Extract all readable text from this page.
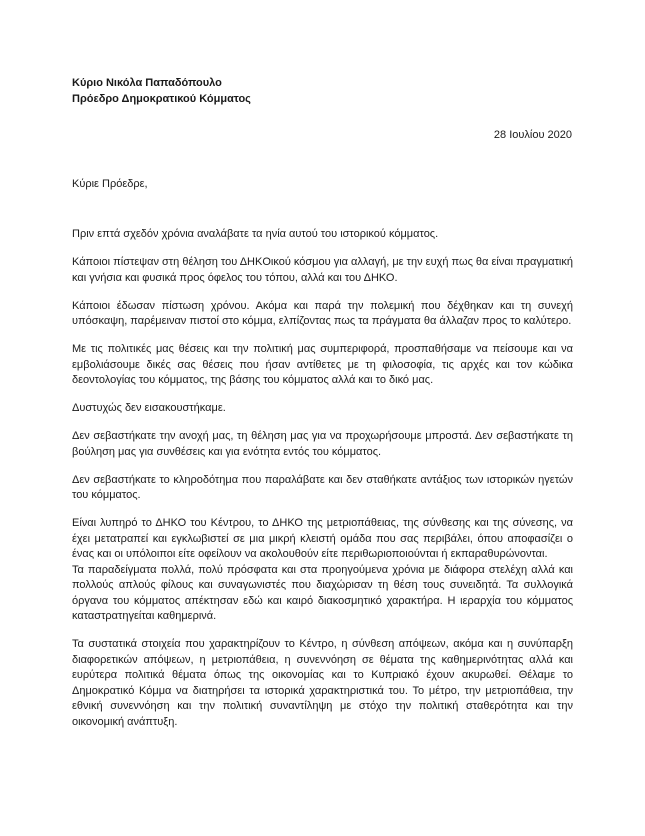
Κύριο Νικόλα Παπαδόπουλο
Πρόεδρο Δημοκρατικού Κόμματος
28 Ιουλίου 2020
Κύριε Πρόεδρε,

Πριν επτά σχεδόν χρόνια αναλάβατε τα ηνία αυτού του ιστορικού κόμματος.

Κάποιοι πίστεψαν στη θέληση του ΔΗΚOικού κόσμου για αλλαγή, με την ευχή πως θα είναι πραγματική και γνήσια και φυσικά προς όφελος του τόπου, αλλά και του ΔΗΚΟ.

Κάποιοι έδωσαν πίστωση χρόνου. Ακόμα και παρά την πολεμική που δέχθηκαν και τη συνεχή υπόσκαψη, παρέμειναν πιστοί στο κόμμα, ελπίζοντας πως τα πράγματα θα άλλαζαν προς το καλύτερο.

Με τις πολιτικές μας θέσεις και την πολιτική μας συμπεριφορά, προσπαθήσαμε να πείσουμε και να εμβολιάσουμε δικές σας θέσεις που ήσαν αντίθετες με τη φιλοσοφία, τις αρχές και τον κώδικα δεοντολογίας του κόμματος, της βάσης του κόμματος αλλά και το δικό μας.

Δυστυχώς δεν εισακουστήκαμε.

Δεν σεβαστήκατε την ανοχή μας, τη θέληση μας για να προχωρήσουμε μπροστά. Δεν σεβαστήκατε τη βούληση μας για συνθέσεις και για ενότητα εντός του κόμματος.

Δεν σεβαστήκατε το κληροδότημα που παραλάβατε και δεν σταθήκατε αντάξιος των ιστορικών ηγετών του κόμματος.

Είναι λυπηρό το ΔΗΚΟ του Κέντρου, το ΔΗΚΟ της μετριοπάθειας, της σύνθεσης και της σύνεσης, να έχει μετατραπεί και εγκλωβιστεί σε μια μικρή κλειστή ομάδα που σας περιβάλει, όπου αποφασίζει ο ένας και οι υπόλοιποι είτε οφείλουν να ακολουθούν είτε περιθωριοποιούνται ή εκπαραθυρώνονται.

Τα παραδείγματα πολλά, πολύ πρόσφατα και στα προηγούμενα χρόνια με διάφορα στελέχη αλλά και πολλούς απλούς φίλους και συναγωνιστές που διαχώρισαν τη θέση τους συνειδητά. Τα συλλογικά όργανα του κόμματος απέκτησαν εδώ και καιρό διακοσμητικό χαρακτήρα. Η ιεραρχία του κόμματος καταστρατηγείται καθημερινά.

Τα συστατικά στοιχεία που χαρακτηρίζουν το Κέντρο, η σύνθεση απόψεων, ακόμα και η συνύπαρξη διαφορετικών απόψεων, η μετριοπάθεια, η συνεννόηση σε θέματα της καθημερινότητας αλλά και ευρύτερα πολιτικά θέματα όπως της οικονομίας και το Κυπριακό έχουν ακυρωθεί. Θέλαμε το Δημοκρατικό Κόμμα να διατηρήσει τα ιστορικά χαρακτηριστικά του. Το μέτρο, την μετριοπάθεια, την εθνική συνεννόηση και την πολιτική συναντίληψη με στόχο την πολιτική σταθερότητα και την οικονομική ανάπτυξη.
